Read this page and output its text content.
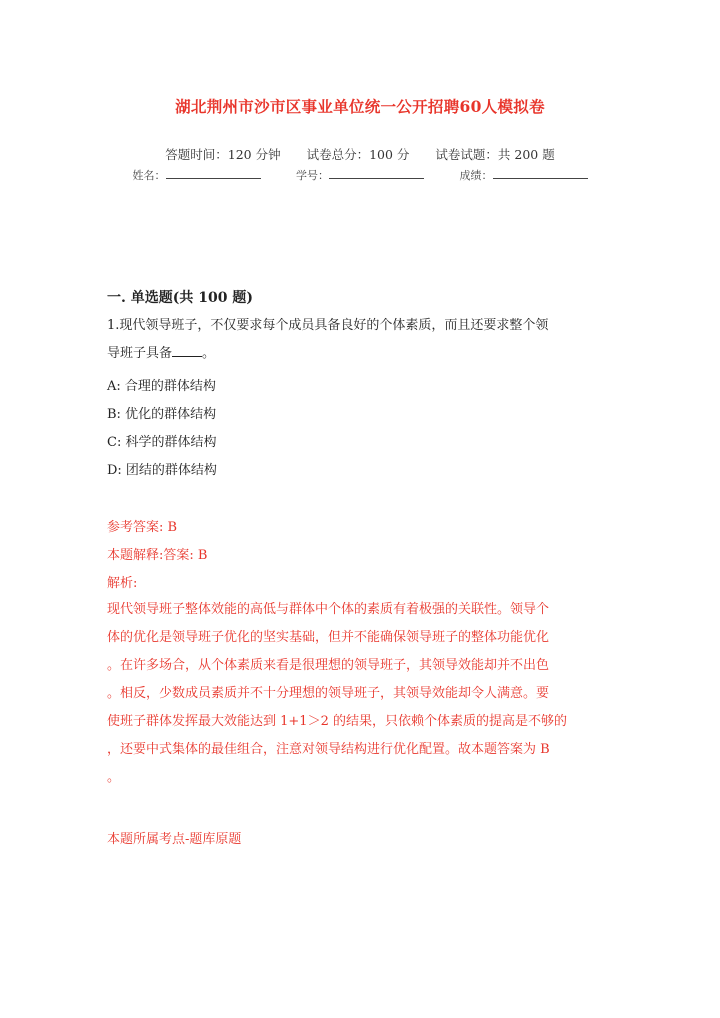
湖北荆州市沙市区事业单位统一公开招聘60人模拟卷
答题时间：120 分钟 试卷总分：100 分 试卷试题：共 200 题
姓名：	学号：	成绩：
一. 单选题(共 100 题)
1.现代领导班子，不仅要求每个成员具备良好的个体素质，而且还要求整个领
导班子具备 。
A: 合理的群体结构
B: 优化的群体结构
C: 科学的群体结构
D: 团结的群体结构
参考答案: B
本题解释:答案: B
解析:
现代领导班子整体效能的高低与群体中个体的素质有着极强的关联性。领导个
体的优化是领导班子优化的坚实基础，但并不能确保领导班子的整体功能优化
。在许多场合，从个体素质来看是很理想的领导班子，其领导效能却并不出色
。相反，少数成员素质并不十分理想的领导班子，其领导效能却令人满意。要
使班子群体发挥最大效能达到 1+1＞2 的结果，只依赖个体素质的提高是不够的
，还要中式集体的最佳组合，注意对领导结构进行优化配置。故本题答案为 B
。
本题所属考点-题库原题
